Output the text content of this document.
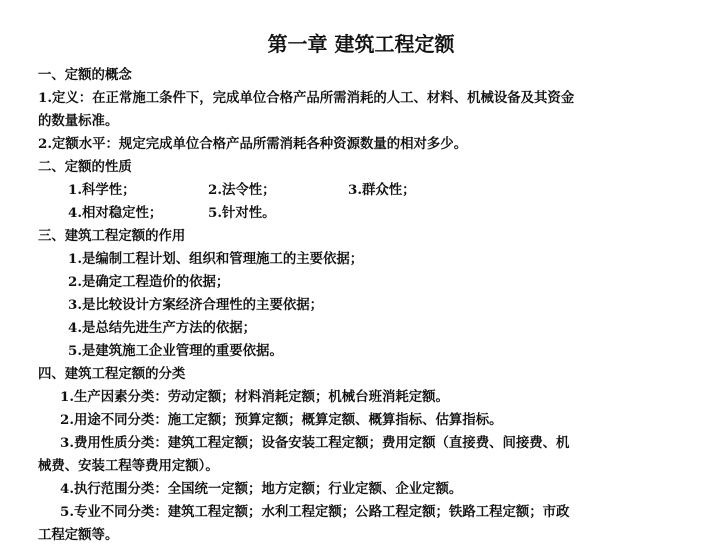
第一章 建筑工程定额
一、定额的概念
1.定义：在正常施工条件下，完成单位合格产品所需消耗的人工、材料、机械设备及其资金
的数量标准。
2.定额水平：规定完成单位合格产品所需消耗各种资源数量的相对多少。
二、定额的性质
1.科学性；	2.法令性；	3.群众性；
4.相对稳定性；	5.针对性。
三、建筑工程定额的作用
1.是编制工程计划、组织和管理施工的主要依据；
2.是确定工程造价的依据；
3.是比较设计方案经济合理性的主要依据；
4.是总结先进生产方法的依据；
5.是建筑施工企业管理的重要依据。
四、建筑工程定额的分类
1.生产因素分类：劳动定额；材料消耗定额；机械台班消耗定额。
2.用途不同分类：施工定额；预算定额；概算定额、概算指标、估算指标。
3.费用性质分类：建筑工程定额；设备安装工程定额；费用定额（直接费、间接费、机
械费、安装工程等费用定额）。
4.执行范围分类：全国统一定额；地方定额；行业定额、企业定额。
5.专业不同分类：建筑工程定额；水利工程定额；公路工程定额；铁路工程定额；市政
工程定额等。
